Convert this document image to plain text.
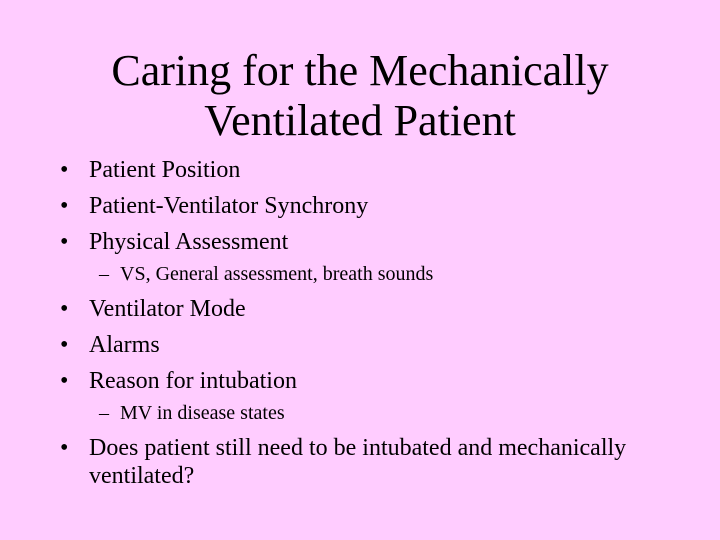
Caring for the Mechanically
Ventilated Patient
• Patient Position
• Patient-Ventilator Synchrony
• Physical Assessment
– VS, General assessment, breath sounds
• Ventilator Mode
• Alarms
• Reason for intubation
– MV in disease states
• Does patient still need to be intubated and mechanically ventilated?
